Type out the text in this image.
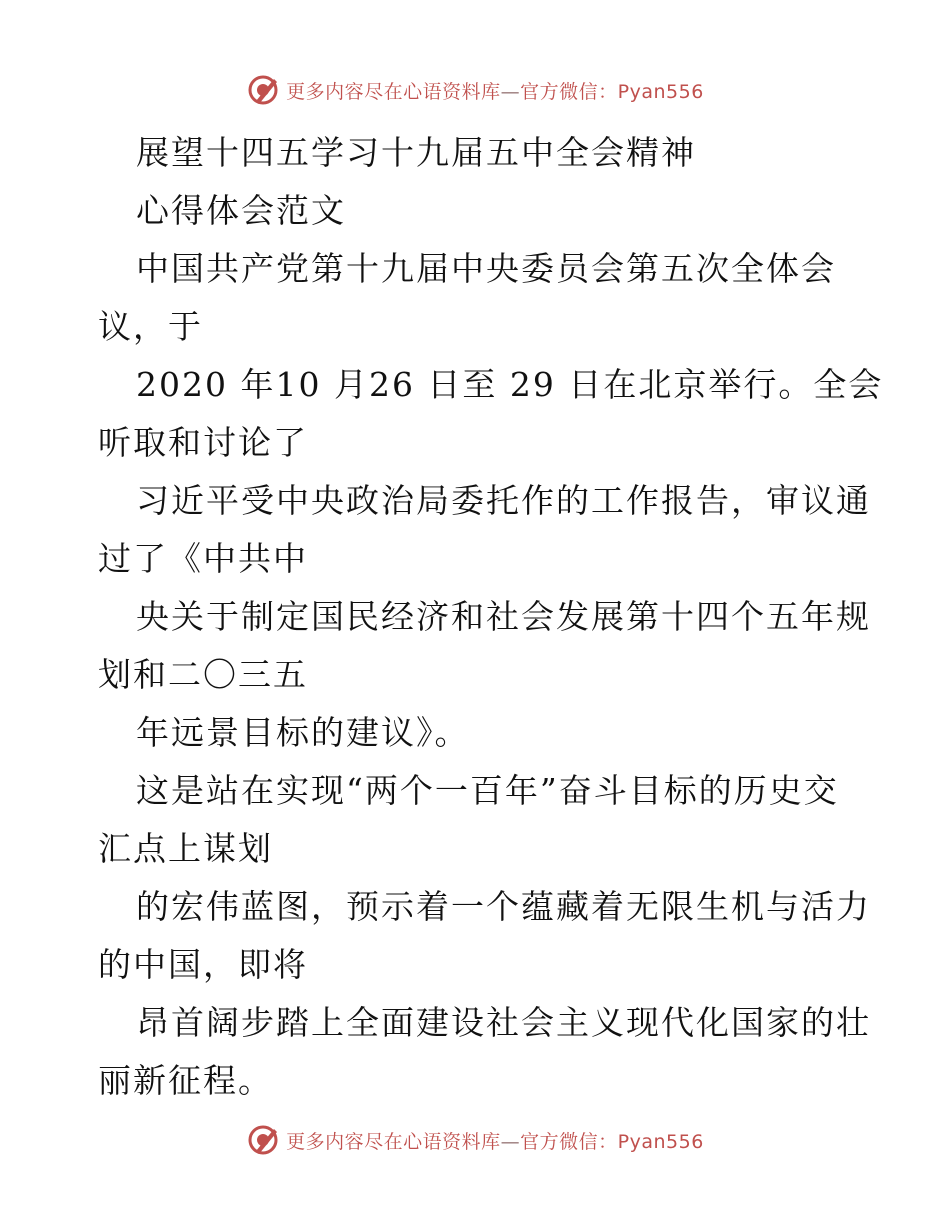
更多内容尽在心语资料库—官方微信：Pyan556
展望十四五学习十九届五中全会精神
心得体会范文
中国共产党第十九届中央委员会第五次全体会
议，于
2020 年10 月26 日至 29 日在北京举行。全会
听取和讨论了
习近平受中央政治局委托作的工作报告，审议通
过了《中共中
央关于制定国民经济和社会发展第十四个五年规
划和二〇三五
年远景目标的建议》。
这是站在实现“两个一百年”奋斗目标的历史交
汇点上谋划
的宏伟蓝图，预示着一个蕴藏着无限生机与活力
的中国，即将
昂首阔步踏上全面建设社会主义现代化国家的壮
丽新征程。
更多内容尽在心语资料库—官方微信：Pyan556
